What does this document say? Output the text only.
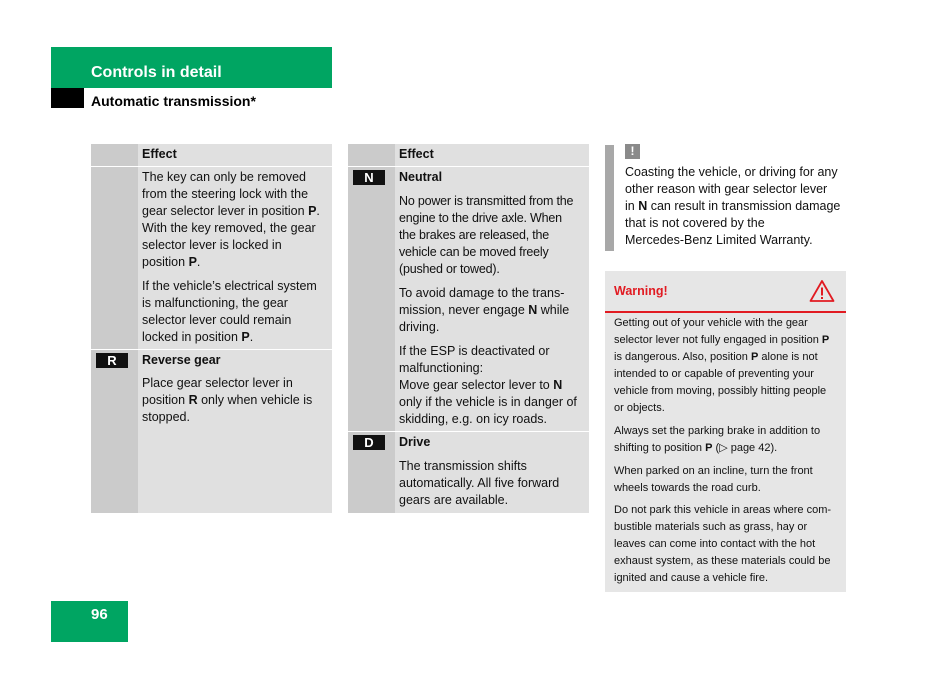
Controls in detail
Automatic transmission*
Effect
The key can only be removed
from the steering lock with the
gear selector lever in position P.
With the key removed, the gear
selector lever is locked in
position P.
If the vehicle’s electrical system
is malfunctioning, the gear
selector lever could remain
locked in position P.
R	Reverse gear
Place gear selector lever in
position R only when vehicle is
stopped.
Effect
N	Neutral
No power is transmitted from the
engine to the drive axle. When
the brakes are released, the
vehicle can be moved freely
(pushed or towed).
To avoid damage to the trans-
mission, never engage N while
driving.
If the ESP is deactivated or
malfunctioning:
Move gear selector lever to N
only if the vehicle is in danger of
skidding, e.g. on icy roads.
D	Drive
The transmission shifts
automatically. All five forward
gears are available.
!
Coasting the vehicle, or driving for any
other reason with gear selector lever
in N can result in transmission damage
that is not covered by the
Mercedes-Benz Limited Warranty.
Warning!
Getting out of your vehicle with the gear
selector lever not fully engaged in position P
is dangerous. Also, position P alone is not
intended to or capable of preventing your
vehicle from moving, possibly hitting people
or objects.
Always set the parking brake in addition to
shifting to position P (▷ page 42).
When parked on an incline, turn the front
wheels towards the road curb.
Do not park this vehicle in areas where com-
bustible materials such as grass, hay or
leaves can come into contact with the hot
exhaust system, as these materials could be
ignited and cause a vehicle fire.
96
